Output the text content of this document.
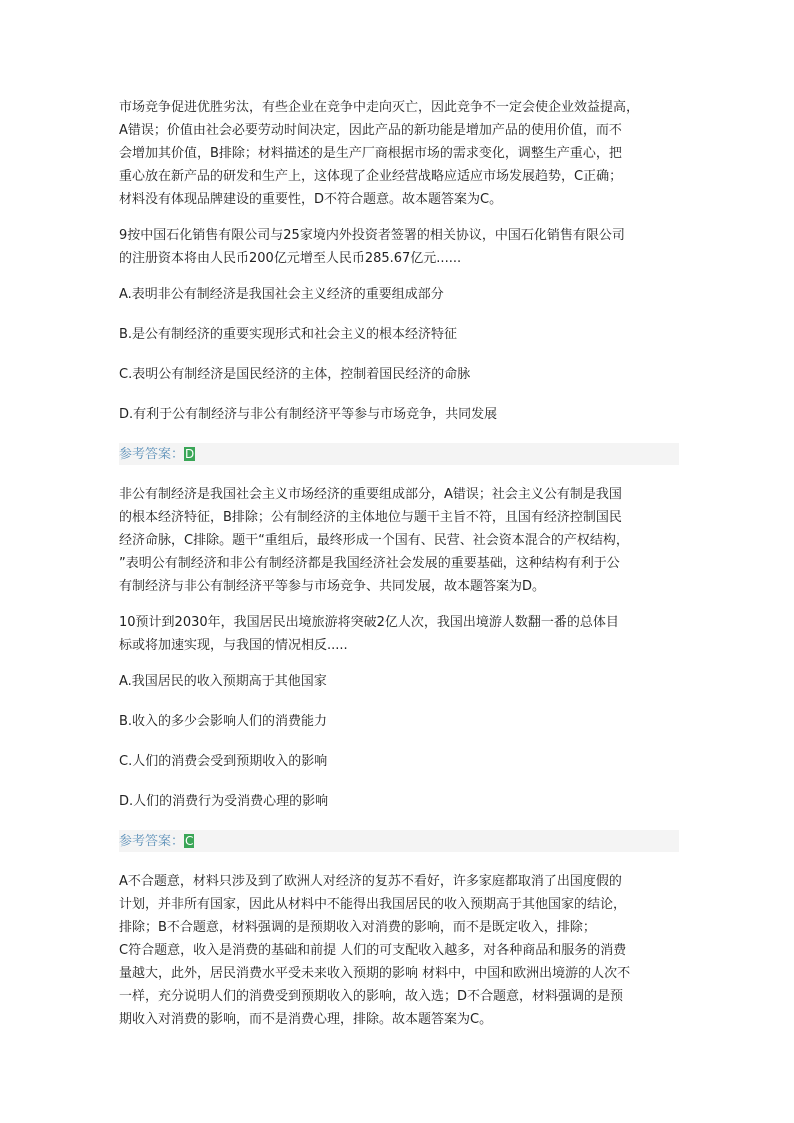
市场竞争促进优胜劣汰，有些企业在竞争中走向灭亡，因此竞争不一定会使企业效益提高，
A错误；价值由社会必要劳动时间决定，因此产品的新功能是增加产品的使用价值，而不
会增加其价值，B排除；材料描述的是生产厂商根据市场的需求变化，调整生产重心，把
重心放在新产品的研发和生产上，这体现了企业经营战略应适应市场发展趋势，C正确；
材料没有体现品牌建设的重要性，D不符合题意。故本题答案为C。

9按中国石化销售有限公司与25家境内外投资者签署的相关协议，中国石化销售有限公司
的注册资本将由人民币200亿元增至人民币285.67亿元......

A.表明非公有制经济是我国社会主义经济的重要组成部分

B.是公有制经济的重要实现形式和社会主义的根本经济特征

C.表明公有制经济是国民经济的主体，控制着国民经济的命脉

D.有利于公有制经济与非公有制经济平等参与市场竞争，共同发展

参考答案：D

非公有制经济是我国社会主义市场经济的重要组成部分，A错误；社会主义公有制是我国
的根本经济特征，B排除；公有制经济的主体地位与题干主旨不符，且国有经济控制国民
经济命脉，C排除。题干“重组后，最终形成一个国有、民营、社会资本混合的产权结构，
”表明公有制经济和非公有制经济都是我国经济社会发展的重要基础，这种结构有利于公
有制经济与非公有制经济平等参与市场竞争、共同发展，故本题答案为D。

10预计到2030年，我国居民出境旅游将突破2亿人次，我国出境游人数翻一番的总体目
标或将加速实现，与我国的情况相反.....

A.我国居民的收入预期高于其他国家

B.收入的多少会影响人们的消费能力

C.人们的消费会受到预期收入的影响

D.人们的消费行为受消费心理的影响

参考答案：C

A不合题意，材料只涉及到了欧洲人对经济的复苏不看好，许多家庭都取消了出国度假的
计划，并非所有国家，因此从材料中不能得出我国居民的收入预期高于其他国家的结论，
排除；B不合题意，材料强调的是预期收入对消费的影响，而不是既定收入，排除；
C符合题意，收入是消费的基础和前提 人们的可支配收入越多，对各种商品和服务的消费
量越大，此外，居民消费水平受未来收入预期的影响 材料中，中国和欧洲出境游的人次不
一样，充分说明人们的消费受到预期收入的影响，故入选；D不合题意，材料强调的是预
期收入对消费的影响，而不是消费心理，排除。故本题答案为C。
